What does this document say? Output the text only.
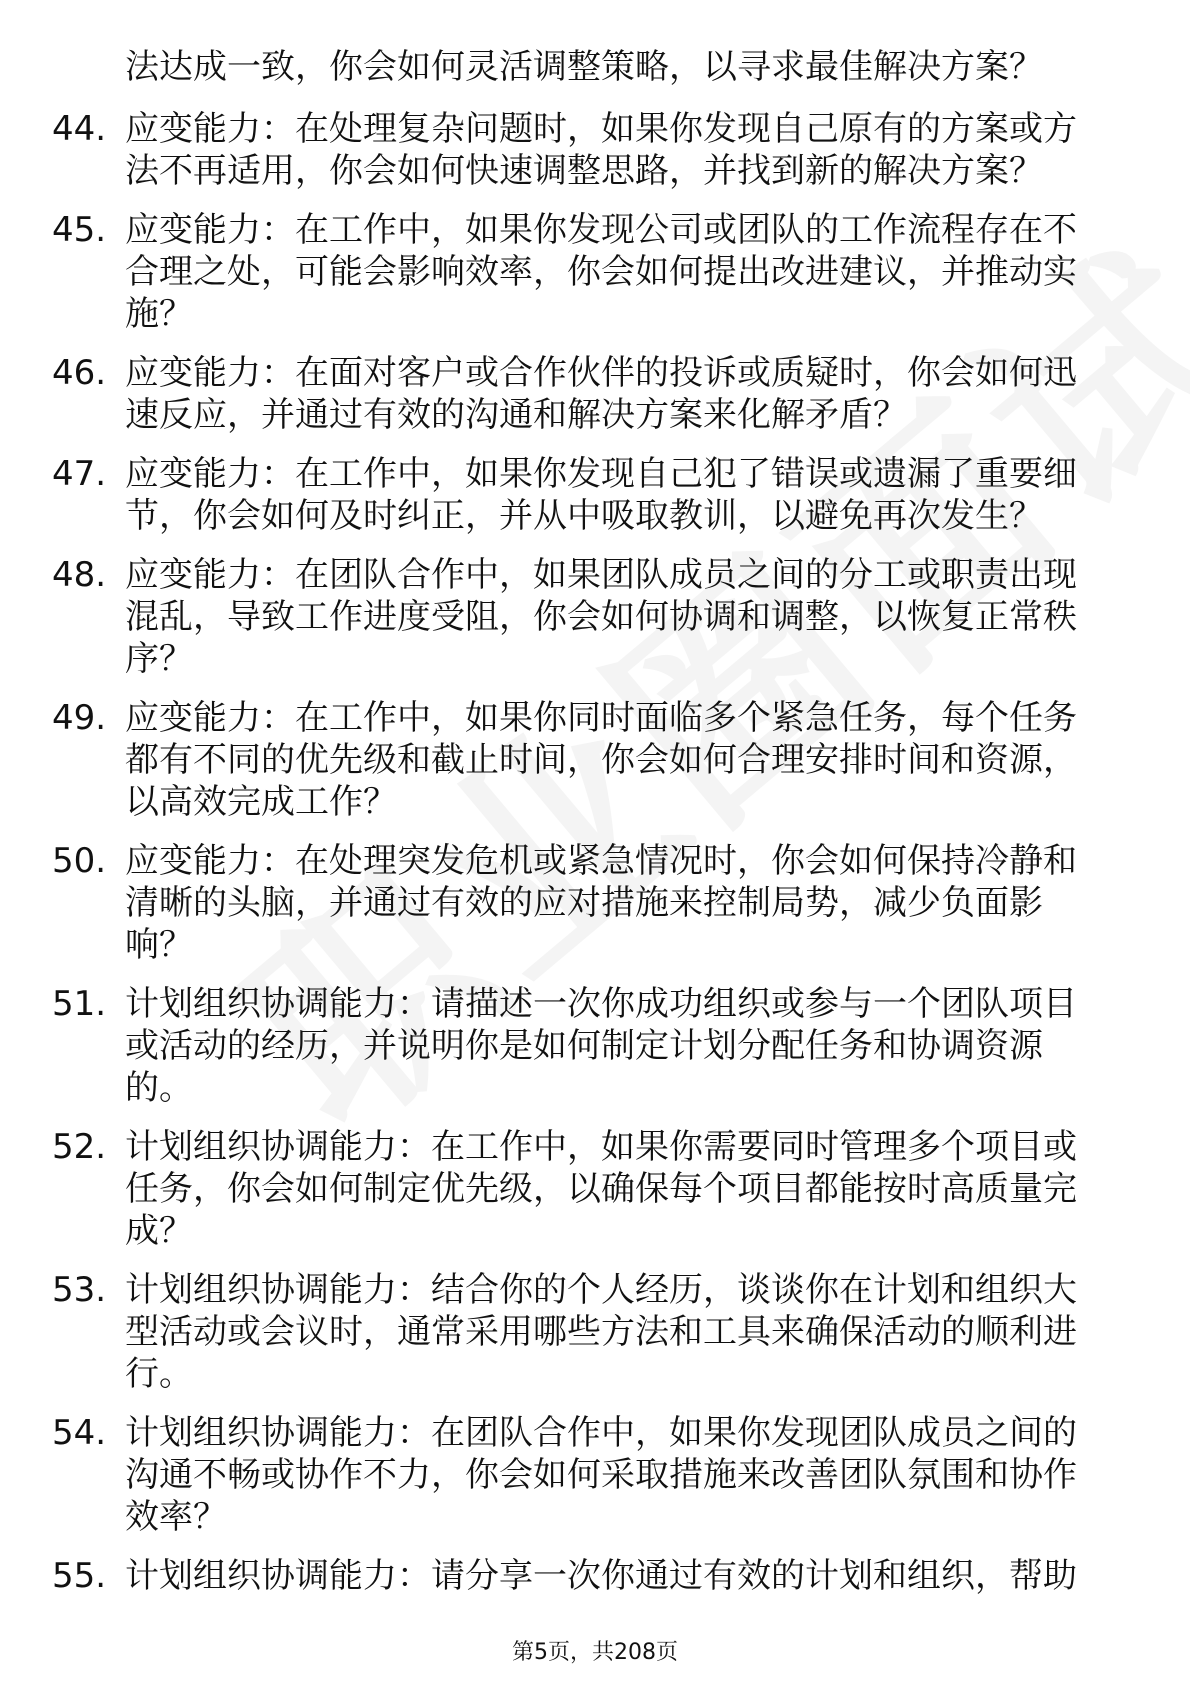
法达成一致，你会如何灵活调整策略，以寻求最佳解决方案？
44. 应变能力：在处理复杂问题时，如果你发现自己原有的方案或方
法不再适用，你会如何快速调整思路，并找到新的解决方案？
45. 应变能力：在工作中，如果你发现公司或团队的工作流程存在不
合理之处，可能会影响效率，你会如何提出改进建议，并推动实
施？
46. 应变能力：在面对客户或合作伙伴的投诉或质疑时，你会如何迅
速反应，并通过有效的沟通和解决方案来化解矛盾？
47. 应变能力：在工作中，如果你发现自己犯了错误或遗漏了重要细
节，你会如何及时纠正，并从中吸取教训，以避免再次发生？
48. 应变能力：在团队合作中，如果团队成员之间的分工或职责出现
混乱，导致工作进度受阻，你会如何协调和调整，以恢复正常秩
序？
49. 应变能力：在工作中，如果你同时面临多个紧急任务，每个任务
都有不同的优先级和截止时间，你会如何合理安排时间和资源，
以高效完成工作？
50. 应变能力：在处理突发危机或紧急情况时，你会如何保持冷静和
清晰的头脑，并通过有效的应对措施来控制局势，减少负面影
响？
51. 计划组织协调能力：请描述一次你成功组织或参与一个团队项目
或活动的经历，并说明你是如何制定计划分配任务和协调资源
的。
52. 计划组织协调能力：在工作中，如果你需要同时管理多个项目或
任务，你会如何制定优先级，以确保每个项目都能按时高质量完
成？
53. 计划组织协调能力：结合你的个人经历，谈谈你在计划和组织大
型活动或会议时，通常采用哪些方法和工具来确保活动的顺利进
行。
54. 计划组织协调能力：在团队合作中，如果你发现团队成员之间的
沟通不畅或协作不力，你会如何采取措施来改善团队氛围和协作
效率？
55. 计划组织协调能力：请分享一次你通过有效的计划和组织，帮助
第5页，共208页
